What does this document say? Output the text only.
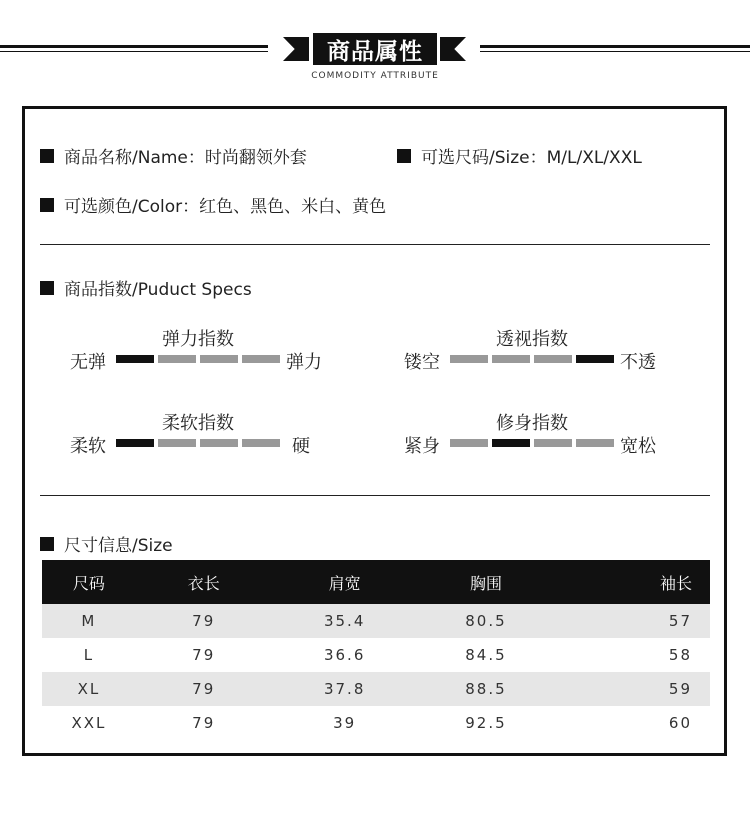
商品属性
COMMODITY ATTRIBUTE
商品名称/Name：时尚翻领外套	可选尺码/Size：M/L/XL/XXL
可选颜色/Color：红色、黑色、米白、黄色
商品指数/Puduct Specs
弹力指数
无弹	弹力
透视指数
镂空	不透
柔软指数
柔软	硬
修身指数
紧身	宽松
尺寸信息/Size
尺码	衣长	肩宽	胸围	袖长
M	79	35.4	80.5	57
L	79	36.6	84.5	58
XL	79	37.8	88.5	59
XXL	79	39	92.5	60
